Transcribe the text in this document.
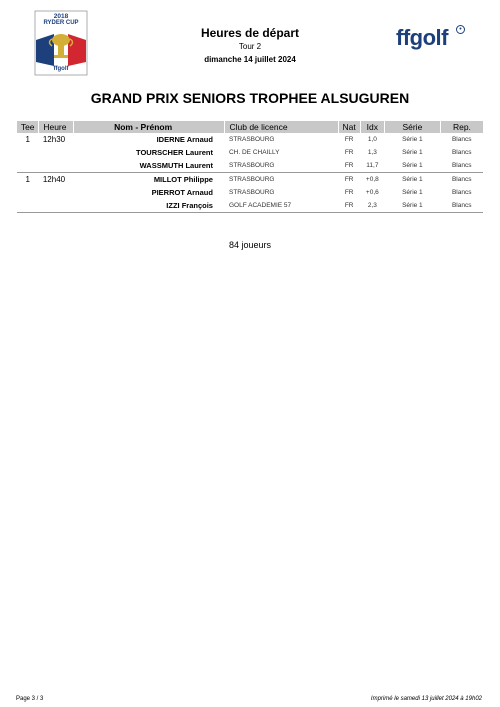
2018
RYDER CUP
ffgolf
ffgolf	•
Heures de départ
Tour 2
dimanche 14 juillet 2024
GRAND PRIX SENIORS TROPHEE ALSUGUREN
Tee	Heure	Nom - Prénom	Club de licence	Nat	Idx	Série	Rep.
1	12h30	IDERNE Arnaud	STRASBOURG	FR	1,0	Série 1	Blancs
		TOURSCHER Laurent	CH. DE CHAILLY	FR	1,3	Série 1	Blancs
		WASSMUTH Laurent	STRASBOURG	FR	11,7	Série 1	Blancs
1	12h40	MILLOT Philippe	STRASBOURG	FR	+0,8	Série 1	Blancs
		PIERROT Arnaud	STRASBOURG	FR	+0,6	Série 1	Blancs
		IZZI François	GOLF ACADEMIE 57	FR	2,3	Série 1	Blancs
84 joueurs
Page 3 / 3	Imprimé le samedi 13 juillet 2024 à 19h02
